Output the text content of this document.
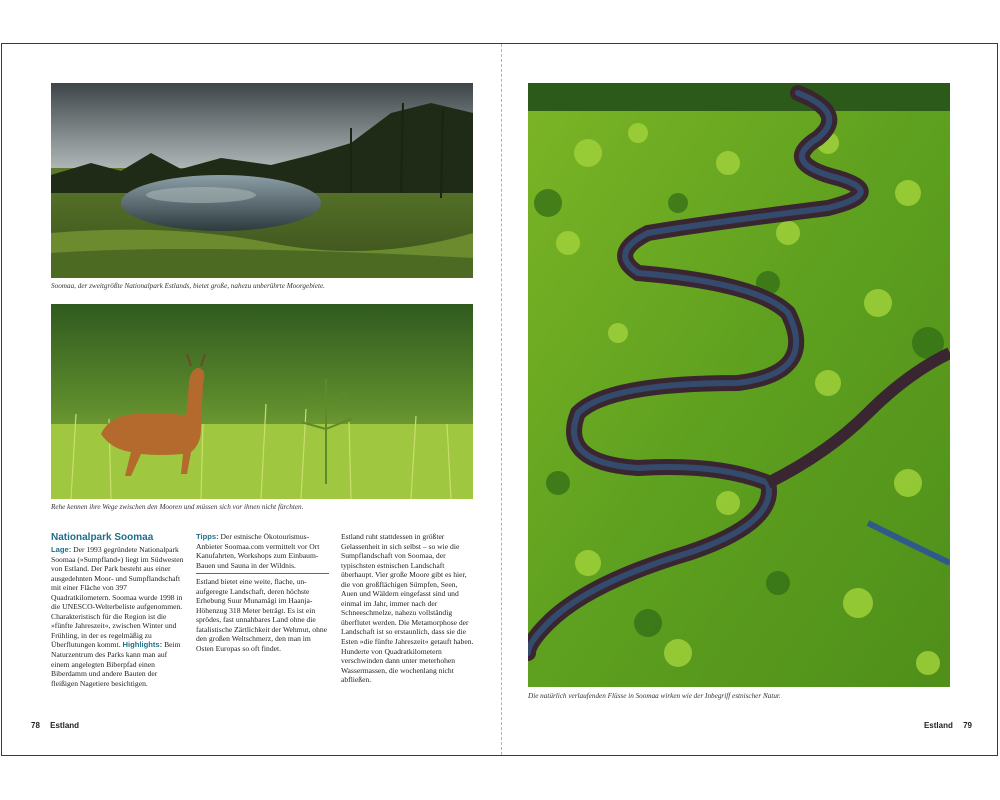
Soomaa, der zweitgrößte Nationalpark Estlands, bietet große, nahezu unberührte Moorgebiete.
Rehe kennen ihre Wege zwischen den Mooren und müssen sich vor ihnen nicht fürchten.
Nationalpark Soomaa

Lage: Der 1993 gegründete Nationalpark Soomaa (»Sumpfland«) liegt im Südwesten von Estland. Der Park besteht aus einer ausgedehnten Moor- und Sumpflandschaft mit einer Fläche von 397 Quadratkilometern. Soomaa wurde 1998 in die UNESCO-Welterbeliste aufgenommen. Charakteristisch für die Region ist die »fünfte Jahreszeit«, zwischen Winter und Frühling, in der es regelmäßig zu Überflutungen kommt. Highlights: Beim Naturzentrum des Parks kann man auf einem angelegten Biberpfad einen Biberdamm und andere Bauten der fleißigen Nagetiere besichtigen.

Tipps: Der estnische Ökotourismus-Anbieter Soomaa.com vermittelt vor Ort Kanufahrten, Workshops zum Einbaum-Bauen und Sauna in der Wildnis.

Estland bietet eine weite, flache, unaufgeregte Landschaft, deren höchste Erhebung Suur Munamägi im Haanja-Höhenzug 318 Meter beträgt. Es ist ein sprödes, fast unnahbares Land ohne die fatalistische Zärtlichkeit der Wehmut, ohne den großen Weltschmerz, den man im Osten Europas so oft findet.

Estland ruht stattdessen in größter Gelassenheit in sich selbst – so wie die Sumpflandschaft von Soomaa, der typischsten estnischen Landschaft überhaupt. Vier große Moore gibt es hier, die von großflächigen Sümpfen, Seen, Auen und Wäldern eingefasst sind und einmal im Jahr, immer nach der Schneeschmelze, nahezu vollständig überflutet werden. Die Metamorphose der Landschaft ist so erstaunlich, dass sie die Esten »die fünfte Jahreszeit« getauft haben. Hunderte von Quadratkilometern verschwinden dann unter meterhohen Wassermassen, die wochenlang nicht abfließen.

Die natürlich verlaufenden Flüsse in Soomaa wirken wie der Inbegriff estnischer Natur.
78 Estland	Estland 79
